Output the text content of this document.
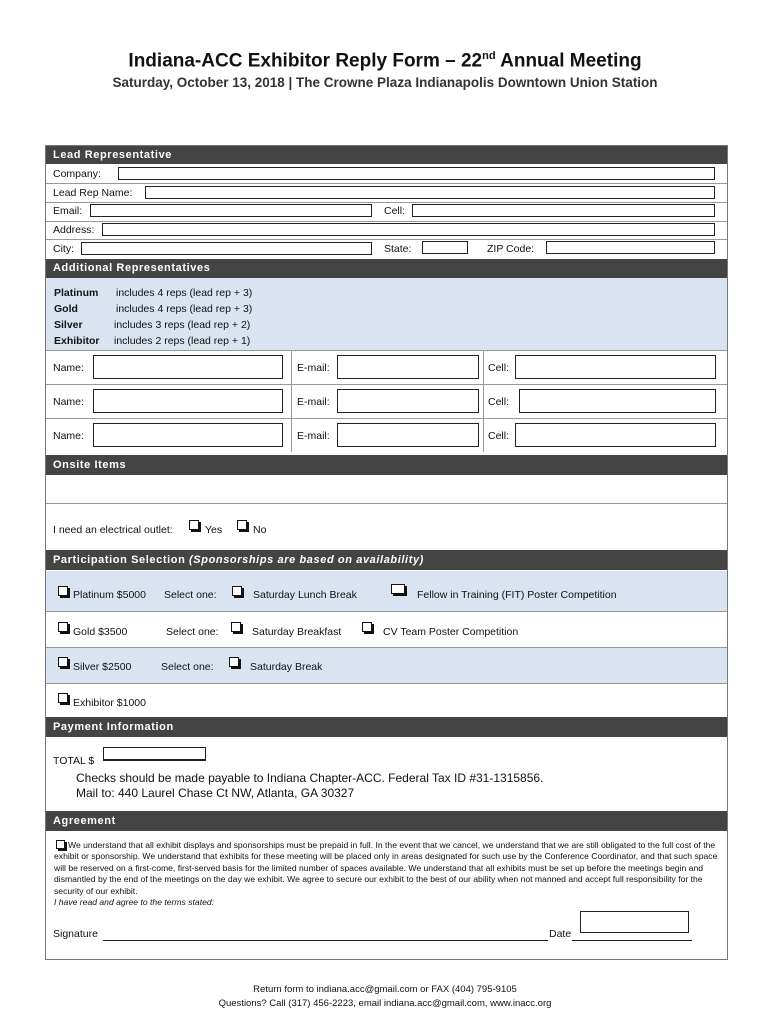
Indiana-ACC Exhibitor Reply Form – 22nd Annual Meeting
Saturday, October 13, 2018 | The Crowne Plaza Indianapolis Downtown Union Station
Lead Representative
Company:
Lead Rep Name:
Email:	Cell:
Address:
City:	State:	ZIP Code:
Additional Representatives
Platinum includes 4 reps (lead rep + 3)
Gold	includes 4 reps (lead rep + 3)
Silver	includes 3 reps (lead rep + 2)
Exhibitor includes 2 reps (lead rep + 1)
Name:	E-mail:	Cell:
Name:	E-mail:	Cell:
Name:	E-mail:	Cell:
Onsite Items
I need an electrical outlet:	Yes	No
Participation Selection (Sponsorships are based on availability)
Platinum $5000 Select one:	Saturday Lunch Break	Fellow in Training (FIT) Poster Competition
Gold $3500	Select one:	Saturday Breakfast	CV Team Poster Competition
Silver $2500	Select one:	Saturday Break
Exhibitor $1000
Payment Information
TOTAL $
Checks should be made payable to Indiana Chapter-ACC. Federal Tax ID #31-1315856.
Mail to: 440 Laurel Chase Ct NW, Atlanta, GA 30327
Agreement
We understand that all exhibit displays and sponsorships must be prepaid in full. In the event that we cancel, we understand that we are still obligated to the full cost of the exhibit or sponsorship. We understand that exhibits for these meeting will be placed only in areas designated for such use by the Conference Coordinator, and that such space will be reserved on a first-come, first-served basis for the limited number of spaces available. We understand that all exhibits must be set up before the meetings begin and dismantled by the end of the meetings on the day we exhibit. We agree to secure our exhibit to the best of our ability when not manned and accept full responsibility for the security of our exhibit.
I have read and agree to the terms stated:
Signature	Date
Return form to indiana.acc@gmail.com or FAX (404) 795-9105
Questions? Call (317) 456-2223, email indiana.acc@gmail.com, www.inacc.org
